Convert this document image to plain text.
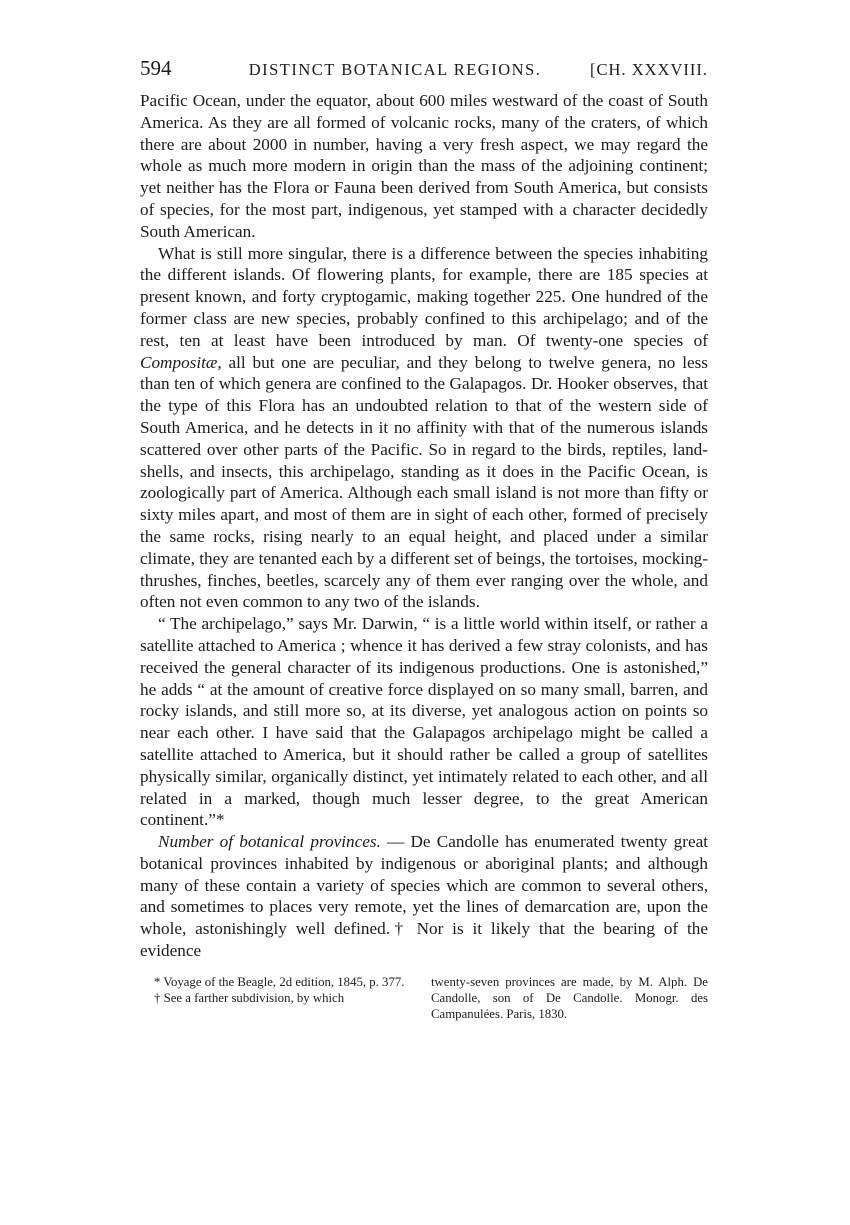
594	DISTINCT BOTANICAL REGIONS.	[CH. XXXVIII.

Pacific Ocean, under the equator, about 600 miles westward of the coast of South America. As they are all formed of volcanic rocks, many of the craters, of which there are about 2000 in number, having a very fresh aspect, we may regard the whole as much more modern in origin than the mass of the adjoining continent; yet neither has the Flora or Fauna been derived from South America, but consists of species, for the most part, indigenous, yet stamped with a character decidedly South American.

What is still more singular, there is a difference between the species inhabiting the different islands. Of flowering plants, for example, there are 185 species at present known, and forty cryptogamic, making together 225. One hundred of the former class are new species, probably confined to this archipelago; and of the rest, ten at least have been introduced by man. Of twenty-one species of Compositæ, all but one are peculiar, and they belong to twelve genera, no less than ten of which genera are confined to the Galapagos. Dr. Hooker observes, that the type of this Flora has an undoubted relation to that of the western side of South America, and he detects in it no affinity with that of the numerous islands scattered over other parts of the Pacific. So in regard to the birds, reptiles, land-shells, and insects, this archipelago, standing as it does in the Pacific Ocean, is zoologically part of America. Although each small island is not more than fifty or sixty miles apart, and most of them are in sight of each other, formed of precisely the same rocks, rising nearly to an equal height, and placed under a similar climate, they are tenanted each by a different set of beings, the tortoises, mocking-thrushes, finches, beetles, scarcely any of them ever ranging over the whole, and often not even common to any two of the islands.

“ The archipelago,” says Mr. Darwin, “ is a little world within itself, or rather a satellite attached to America ; whence it has derived a few stray colonists, and has received the general character of its indigenous productions. One is astonished,” he adds “ at the amount of creative force displayed on so many small, barren, and rocky islands, and still more so, at its diverse, yet analogous action on points so near each other. I have said that the Galapagos archipelago might be called a satellite attached to America, but it should rather be called a group of satellites physically similar, organically distinct, yet intimately related to each other, and all related in a marked, though much lesser degree, to the great American continent.”*

Number of botanical provinces. — De Candolle has enumerated twenty great botanical provinces inhabited by indigenous or aboriginal plants; and although many of these contain a variety of species which are common to several others, and sometimes to places very remote, yet the lines of demarcation are, upon the whole, astonishingly well defined.† Nor is it likely that the bearing of the evidence

* Voyage of the Beagle, 2d edition, 1845, p. 377.

† See a farther subdivision, by which

twenty-seven provinces are made, by M. Alph. De Candolle, son of De Candolle. Monogr. des Campanulées. Paris, 1830.
